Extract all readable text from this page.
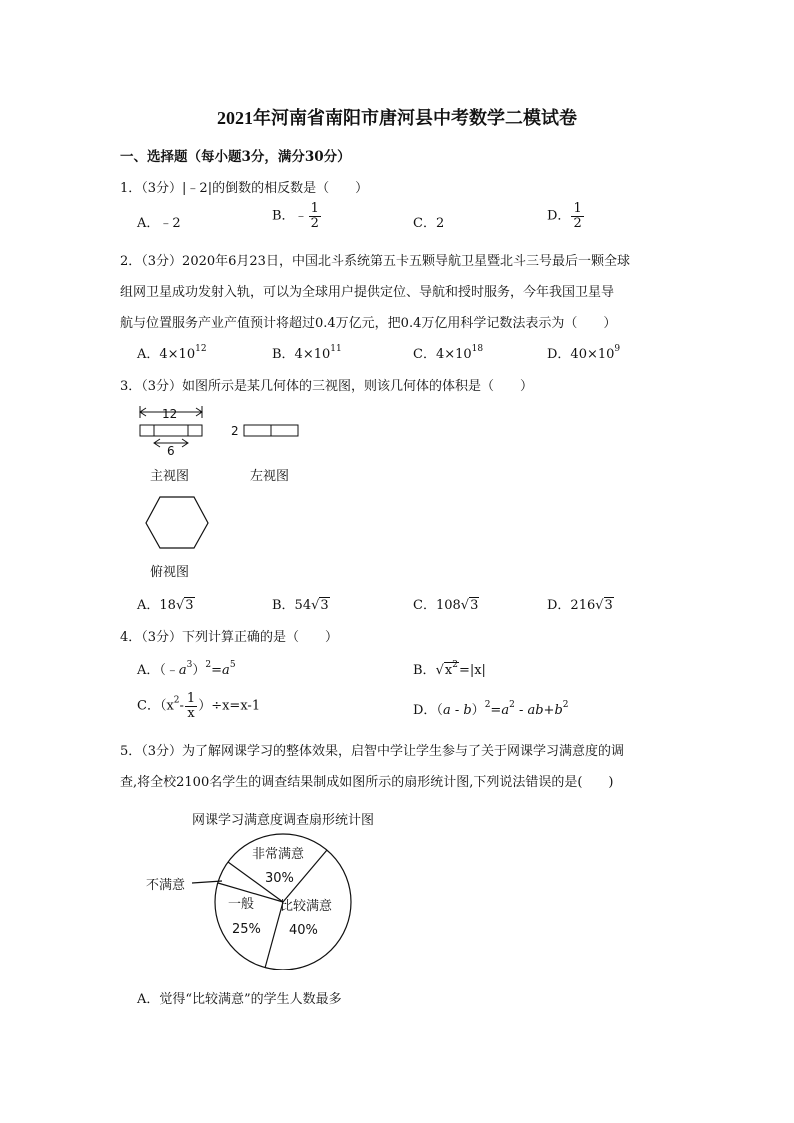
2021年河南省南阳市唐河县中考数学二模试卷
一、选择题（每小题3分，满分30分）
1．（3分）|﹣2|的倒数的相反数是（　　）
A．﹣2	B．﹣ $\frac{1}{2}$	C．2	D． $\frac{1}{2}$
2．（3分）2020年6月23日，中国北斗系统第五卡五颗导航卫星暨北斗三号最后一颗全球
组网卫星成功发射入轨，可以为全球用户提供定位、导航和授时服务，今年我国卫星导
航与位置服务产业产值预计将超过0.4万亿元，把0.4万亿用科学记数法表示为（　　）
A．$4\times 10^{12}$	B．$4\times 10^{11}$	C．$4\times 10^{18}$	D．$40\times 10^9$
3．（3分）如图所示是某几何体的三视图，则该几何体的体积是（　　）
12
6
2
主视图	左视图
俯视图
A．18√3	B．54√3	C．108√3	D．216√3
4．（3分）下列计算正确的是（　　）
A．$(﹣a^3)^2=a^5$	B．$√x^2=|x|$
C．$(x^2- \frac{1}{x} )\div x=x-1$	D．$(a - b)^2=a^2 - ab+b^2$
5．（3分）为了解网课学习的整体效果，启智中学让学生参与了关于网课学习满意度的调
查,将全校2100名学生的调查结果制成如图所示的扇形统计图,下列说法错误的是(　　)
网课学习满意度调查扇形统计图
非常满意
30%
不满意
一般
25%
比较满意
40%
A．觉得“比较满意”的学生人数最多
